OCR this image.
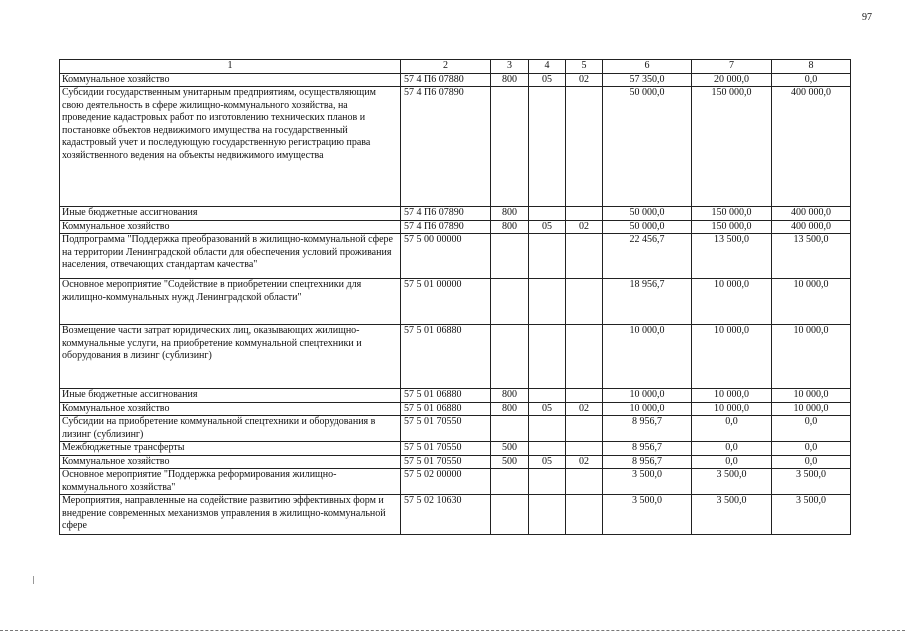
97
1	2	3	4	5	6	7	8
Коммунальное хозяйство	57 4 П6 07880	800	05	02	57 350,0	20 000,0	0,0
Субсидии государственным унитарным предприятиям, осуществляющим свою деятельность в сфере жилищно-коммунального хозяйства, на проведение кадастровых работ по изготовлению технических планов и постановке объектов недвижимого имущества на государственный кадастровый учет и последующую государственную регистрацию права хозяйственного ведения на объекты недвижимого имущества	57 4 П6 07890				50 000,0	150 000,0	400 000,0
Иные бюджетные ассигнования	57 4 П6 07890	800			50 000,0	150 000,0	400 000,0
Коммунальное хозяйство	57 4 П6 07890	800	05	02	50 000,0	150 000,0	400 000,0
Подпрограмма "Поддержка преобразований в жилищно-коммунальной сфере на территории Ленинградской области для обеспечения условий проживания населения, отвечающих стандартам качества"	57 5 00 00000				22 456,7	13 500,0	13 500,0
Основное мероприятие "Содействие в приобретении спецтехники для жилищно-коммунальных нужд Ленинградской области"	57 5 01 00000				18 956,7	10 000,0	10 000,0
Возмещение части затрат юридических лиц, оказывающих жилищно-коммунальные услуги, на приобретение коммунальной спецтехники и оборудования в лизинг (сублизинг)	57 5 01 06880				10 000,0	10 000,0	10 000,0
Иные бюджетные ассигнования	57 5 01 06880	800			10 000,0	10 000,0	10 000,0
Коммунальное хозяйство	57 5 01 06880	800	05	02	10 000,0	10 000,0	10 000,0
Субсидии на приобретение коммунальной спецтехники и оборудования в лизинг (сублизинг)	57 5 01 70550				8 956,7	0,0	0,0
Межбюджетные трансферты	57 5 01 70550	500			8 956,7	0,0	0,0
Коммунальное хозяйство	57 5 01 70550	500	05	02	8 956,7	0,0	0,0
Основное мероприятие "Поддержка реформирования жилищно-коммунального хозяйства"	57 5 02 00000				3 500,0	3 500,0	3 500,0
Мероприятия, направленные на содействие развитию эффективных форм и внедрение современных механизмов управления в жилищно-коммунальной сфере	57 5 02 10630				3 500,0	3 500,0	3 500,0
